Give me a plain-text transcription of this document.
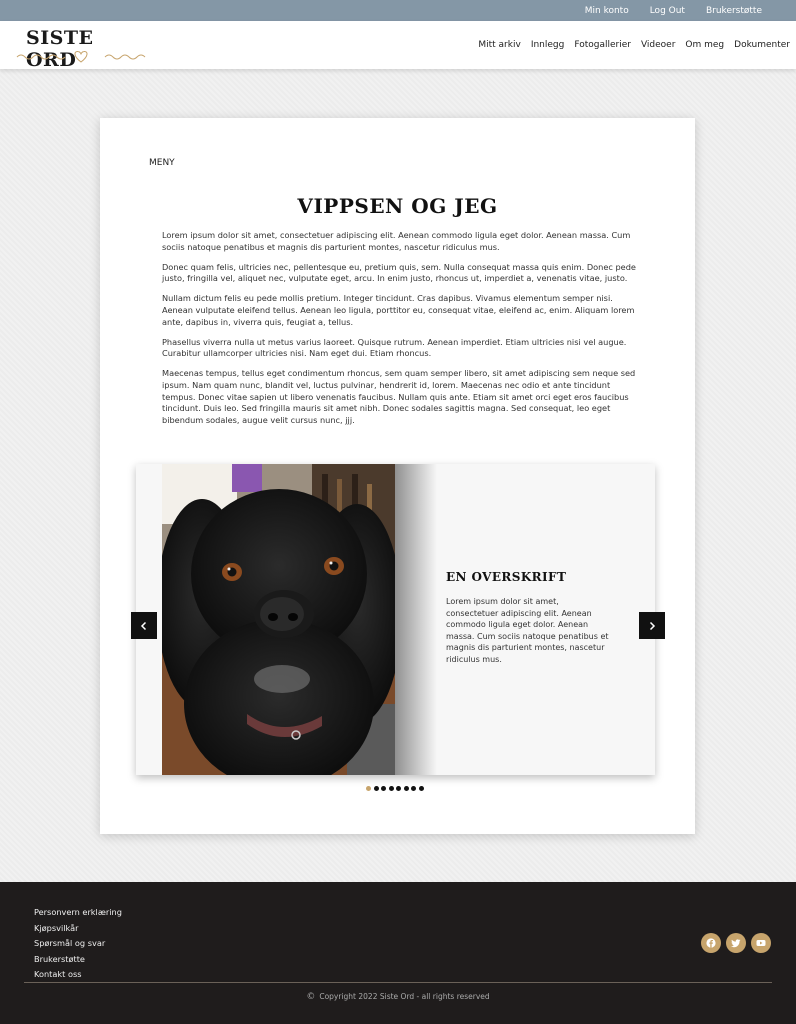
Min konto Log Out Brukerstøtte
SISTE ORD
Mitt arkiv Innlegg Fotogallerier Videoer Om meg Dokumenter
MENY
VIPPSEN OG JEG

Lorem ipsum dolor sit amet, consectetuer adipiscing elit. Aenean commodo ligula eget dolor. Aenean massa. Cum sociis natoque penatibus et magnis dis parturient montes, nascetur ridiculus mus.

Donec quam felis, ultricies nec, pellentesque eu, pretium quis, sem. Nulla consequat massa quis enim. Donec pede justo, fringilla vel, aliquet nec, vulputate eget, arcu. In enim justo, rhoncus ut, imperdiet a, venenatis vitae, justo.

Nullam dictum felis eu pede mollis pretium. Integer tincidunt. Cras dapibus. Vivamus elementum semper nisi. Aenean vulputate eleifend tellus. Aenean leo ligula, porttitor eu, consequat vitae, eleifend ac, enim. Aliquam lorem ante, dapibus in, viverra quis, feugiat a, tellus.

Phasellus viverra nulla ut metus varius laoreet. Quisque rutrum. Aenean imperdiet. Etiam ultricies nisi vel augue. Curabitur ullamcorper ultricies nisi. Nam eget dui. Etiam rhoncus.

Maecenas tempus, tellus eget condimentum rhoncus, sem quam semper libero, sit amet adipiscing sem neque sed ipsum. Nam quam nunc, blandit vel, luctus pulvinar, hendrerit id, lorem. Maecenas nec odio et ante tincidunt tempus. Donec vitae sapien ut libero venenatis faucibus. Nullam quis ante. Etiam sit amet orci eget eros faucibus tincidunt. Duis leo. Sed fringilla mauris sit amet nibh. Donec sodales sagittis magna. Sed consequat, leo eget bibendum sodales, augue velit cursus nunc, jjj.

EN OVERSKRIFT

Lorem ipsum dolor sit amet, consectetuer adipiscing elit. Aenean commodo ligula eget dolor. Aenean massa. Cum sociis natoque penatibus et magnis dis parturient montes, nascetur ridiculus mus.

Personvern erklæring
Kjøpsvilkår
Spørsmål og svar
Brukerstøtte
Kontakt oss
© Copyright 2022 Siste Ord - all rights reserved
